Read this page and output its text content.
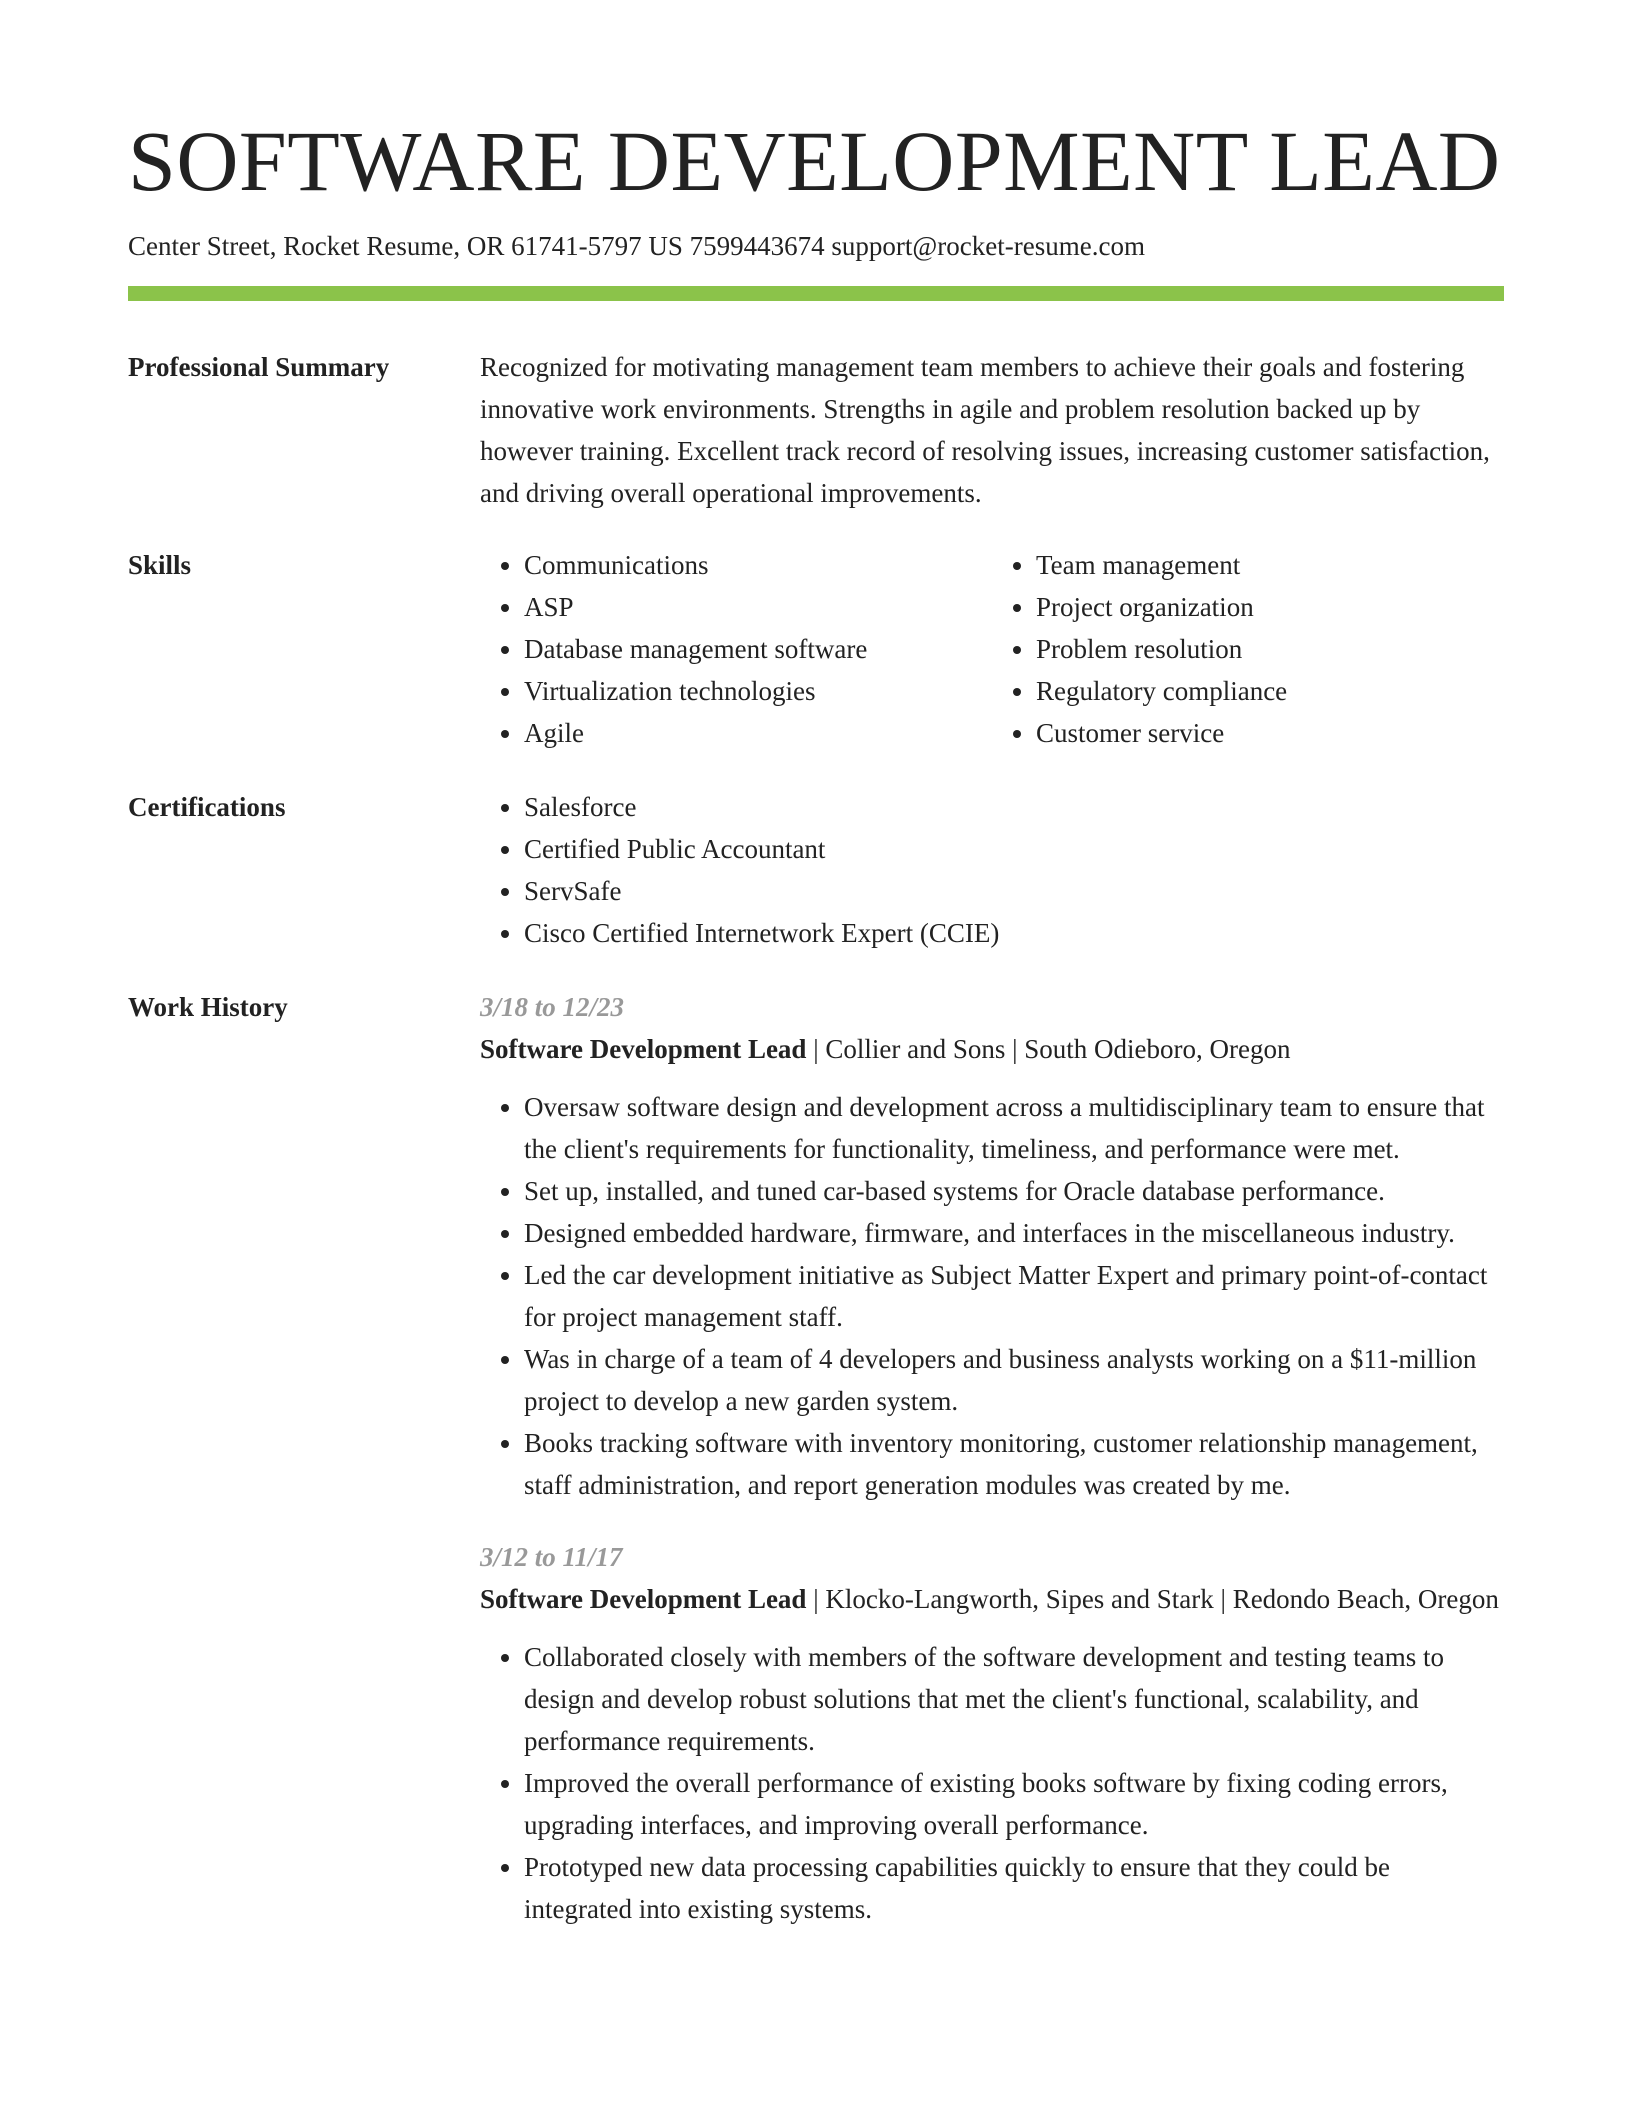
SOFTWARE DEVELOPMENT LEAD
Center Street, Rocket Resume, OR 61741-5797 US 7599443674 support@rocket-resume.com
Professional Summary	Recognized for motivating management team members to achieve their goals and fostering innovative work environments. Strengths in agile and problem resolution backed up by however training. Excellent track record of resolving issues, increasing customer satisfaction, and driving overall operational improvements.

Skills	• Communications
• ASP
• Database management software
• Virtualization technologies
• Agile
• Team management
• Project organization
• Problem resolution
• Regulatory compliance
• Customer service
Certifications	• Salesforce
• Certified Public Accountant
• ServSafe
• Cisco Certified Internetwork Expert (CCIE)
Work History	3/18 to 12/23

Software Development Lead | Collier and Sons | South Odieboro, Oregon

• Oversaw software design and development across a multidisciplinary team to ensure that the client's requirements for functionality, timeliness, and performance were met.
• Set up, installed, and tuned car-based systems for Oracle database performance.
• Designed embedded hardware, firmware, and interfaces in the miscellaneous industry.
• Led the car development initiative as Subject Matter Expert and primary point-of-contact for project management staff.
• Was in charge of a team of 4 developers and business analysts working on a $11-million project to develop a new garden system.
• Books tracking software with inventory monitoring, customer relationship management, staff administration, and report generation modules was created by me.
3/12 to 11/17

Software Development Lead | Klocko-Langworth, Sipes and Stark | Redondo Beach, Oregon

• Collaborated closely with members of the software development and testing teams to design and develop robust solutions that met the client's functional, scalability, and performance requirements.
• Improved the overall performance of existing books software by fixing coding errors, upgrading interfaces, and improving overall performance.
• Prototyped new data processing capabilities quickly to ensure that they could be integrated into existing systems.
